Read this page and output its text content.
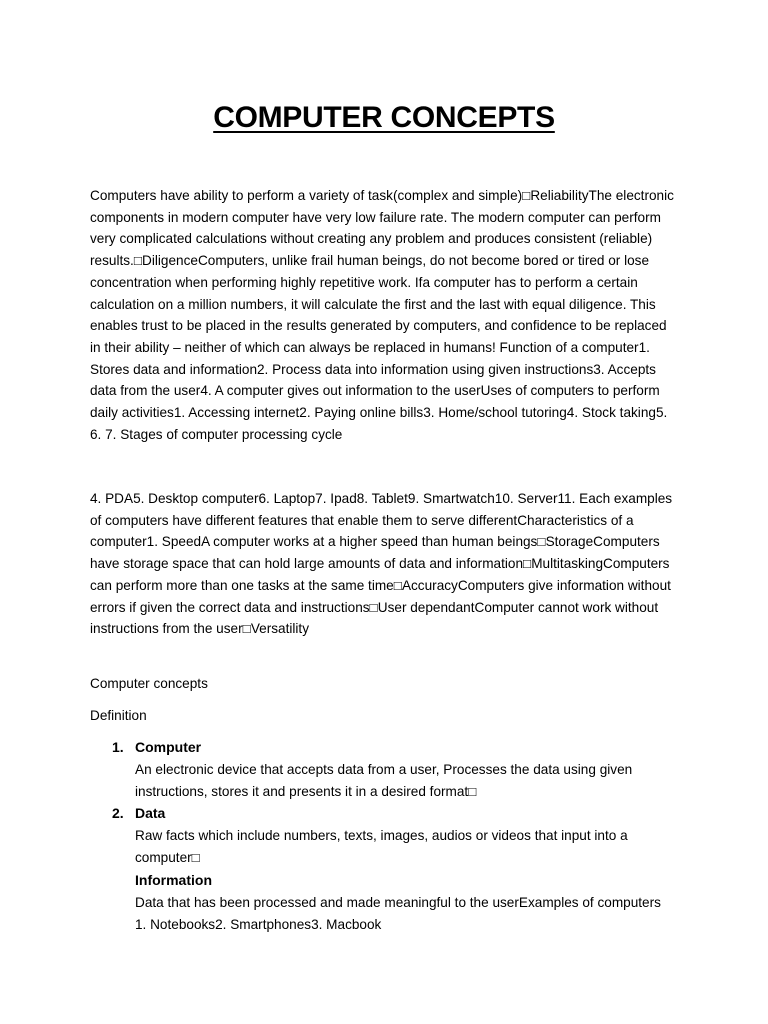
COMPUTER CONCEPTS

Computers have ability to perform a variety of task(complex and simple)□ReliabilityThe electronic components in modern computer have very low failure rate. The modern computer can perform very complicated calculations without creating any problem and produces consistent (reliable) results.□DiligenceComputers, unlike frail human beings, do not become bored or tired or lose concentration when performing highly repetitive work. Ifa computer has to perform a certain calculation on a million numbers, it will calculate the first and the last with equal diligence. This enables trust to be placed in the results generated by computers, and confidence to be replaced in their ability – neither of which can always be replaced in humans! Function of a computer1. Stores data and information2. Process data into information using given instructions3. Accepts data from the user4. A computer gives out information to the userUses of computers to perform daily activities1. Accessing internet2. Paying online bills3. Home/school tutoring4. Stock taking5. 6. 7. Stages of computer processing cycle

4. PDA5. Desktop computer6. Laptop7. Ipad8. Tablet9. Smartwatch10. Server11. Each examples of computers have different features that enable them to serve differentCharacteristics of a computer1. SpeedA computer works at a higher speed than human beings□StorageComputers have storage space that can hold large amounts of data and information□MultitaskingComputers can perform more than one tasks at the same time□AccuracyComputers give information without errors if given the correct data and instructions□User dependantComputer cannot work without instructions from the user□Versatility

Computer concepts

Definition

1. Computer

An electronic device that accepts data from a user, Processes the data using given instructions, stores it and presents it in a desired format□

2. Data

Raw facts which include numbers, texts, images, audios or videos that input into a computer□

Information

Data that has been processed and made meaningful to the userExamples of computers 1. Notebooks2. Smartphones3. Macbook
